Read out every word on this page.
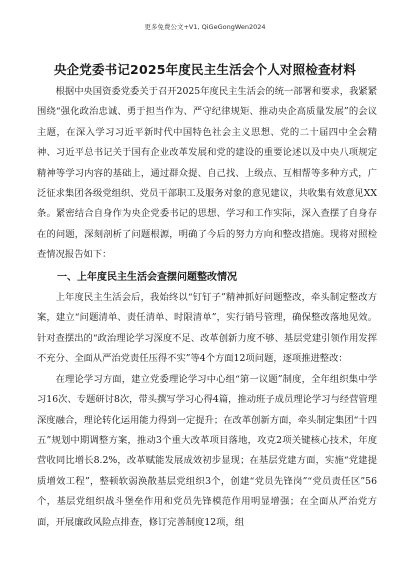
更多免费公文+V1, QiGeGongWen2024
央企党委书记2025年度民主生活会个人对照检查材料

根据中央国资委党委关于召开2025年度民主生活会的统一部署和要求，我紧紧围绕“强化政治忠诚、勇于担当作为、严守纪律规矩、推动央企高质量发展”的会议主题，在深入学习习近平新时代中国特色社会主义思想、党的二十届四中全会精神、习近平总书记关于国有企业改革发展和党的建设的重要论述以及中央八项规定精神等学习内容的基础上，通过群众提、自己找、上级点、互相帮等多种方式，广泛征求集团各级党组织、党员干部职工及服务对象的意见建议，共收集有效意见XX条。紧密结合自身作为央企党委书记的思想、学习和工作实际，深入查摆了自身存在的问题，深刻剖析了问题根源，明确了今后的努力方向和整改措施。现将对照检查情况报告如下：

一、上年度民主生活会查摆问题整改情况

上年度民主生活会后，我始终以“钉钉子”精神抓好问题整改，牵头制定整改方案，建立“问题清单、责任清单、时限清单”，实行销号管理，确保整改落地见效。针对查摆出的“政治理论学习深度不足、改革创新力度不够、基层党建引领作用发挥不充分、全面从严治党责任压得不实”等4个方面12项问题，逐项推进整改：

在理论学习方面，建立党委理论学习中心组“第一议题”制度，全年组织集中学习16次、专题研讨8次，带头撰写学习心得4篇，推动班子成员理论学习与经营管理深度融合，理论转化运用能力得到一定提升；在改革创新方面，牵头制定集团“十四五”规划中期调整方案，推动3个重大改革项目落地，攻克2项关键核心技术，年度营收同比增长8.2%，改革赋能发展成效初步显现；在基层党建方面，实施“党建提质增效工程”，整顿软弱涣散基层党组织3个，创建“党员先锋岗”“党员责任区”56个，基层党组织战斗堡垒作用和党员先锋模范作用明显增强；在全面从严治党方面，开展廉政风险点排查，修订完善制度12项，组
